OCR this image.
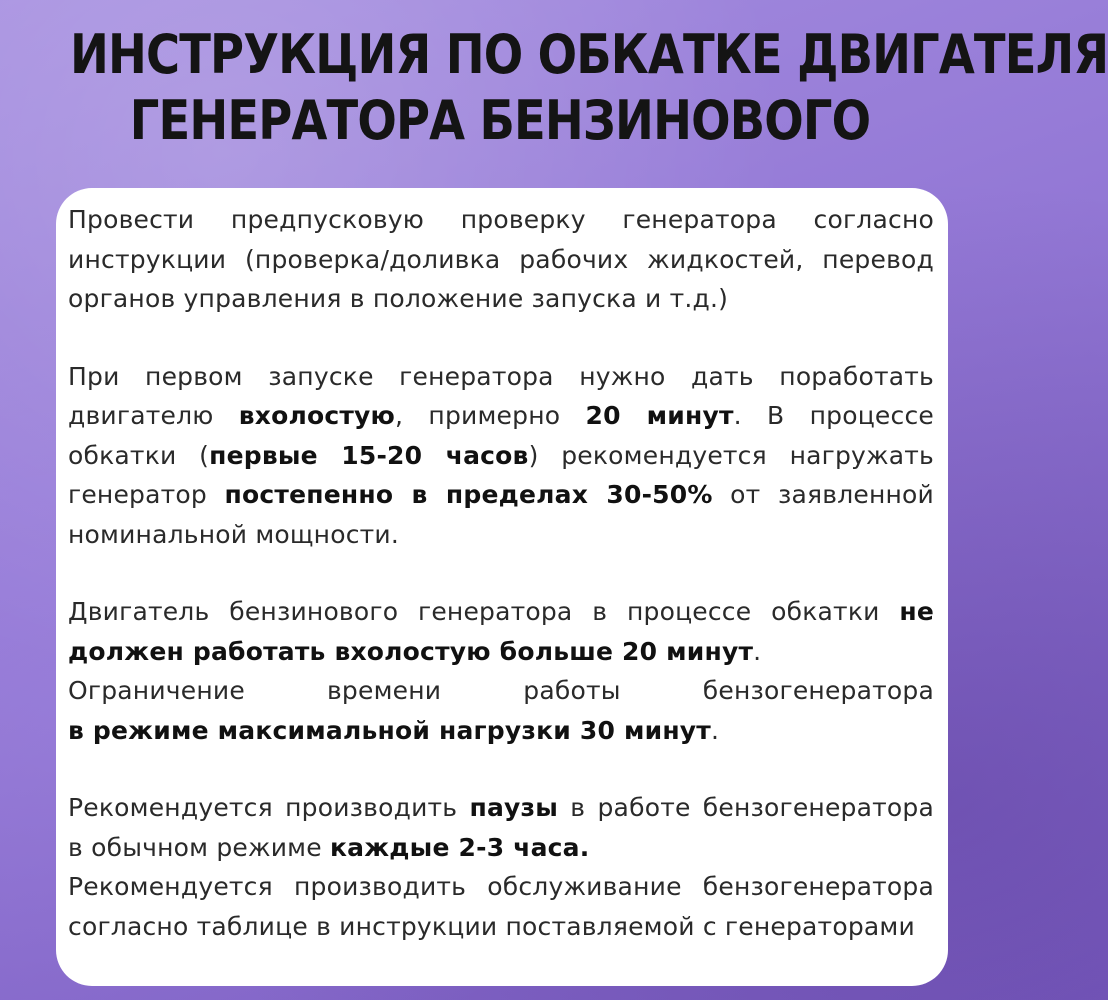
ИНСТРУКЦИЯ ПО ОБКАТКЕ ДВИГАТЕЛЯ
ГЕНЕРАТОРА БЕНЗИНОВОГО

Провести предпусковую проверку генератора согласно инструкции (проверка/доливка рабочих жидкостей, перевод органов управления в положение запуска и т.д.)

При первом запуске генератора нужно дать поработать двигателю вхолостую, примерно 20 минут. В процессе обкатки (первые 15-20 часов) рекомендуется нагружать генератор постепенно в пределах 30-50% от заявленной номинальной мощности.

Двигатель бензинового генератора в процессе обкатки не должен работать вхолостую больше 20 минут.
Ограничение времени работы бензогенератора
в режиме максимальной нагрузки 30 минут.

Рекомендуется производить паузы в работе бензогенератора в обычном режиме каждые 2-3 часа.
Рекомендуется производить обслуживание бензогенератора согласно таблице в инструкции поставляемой с генераторами
